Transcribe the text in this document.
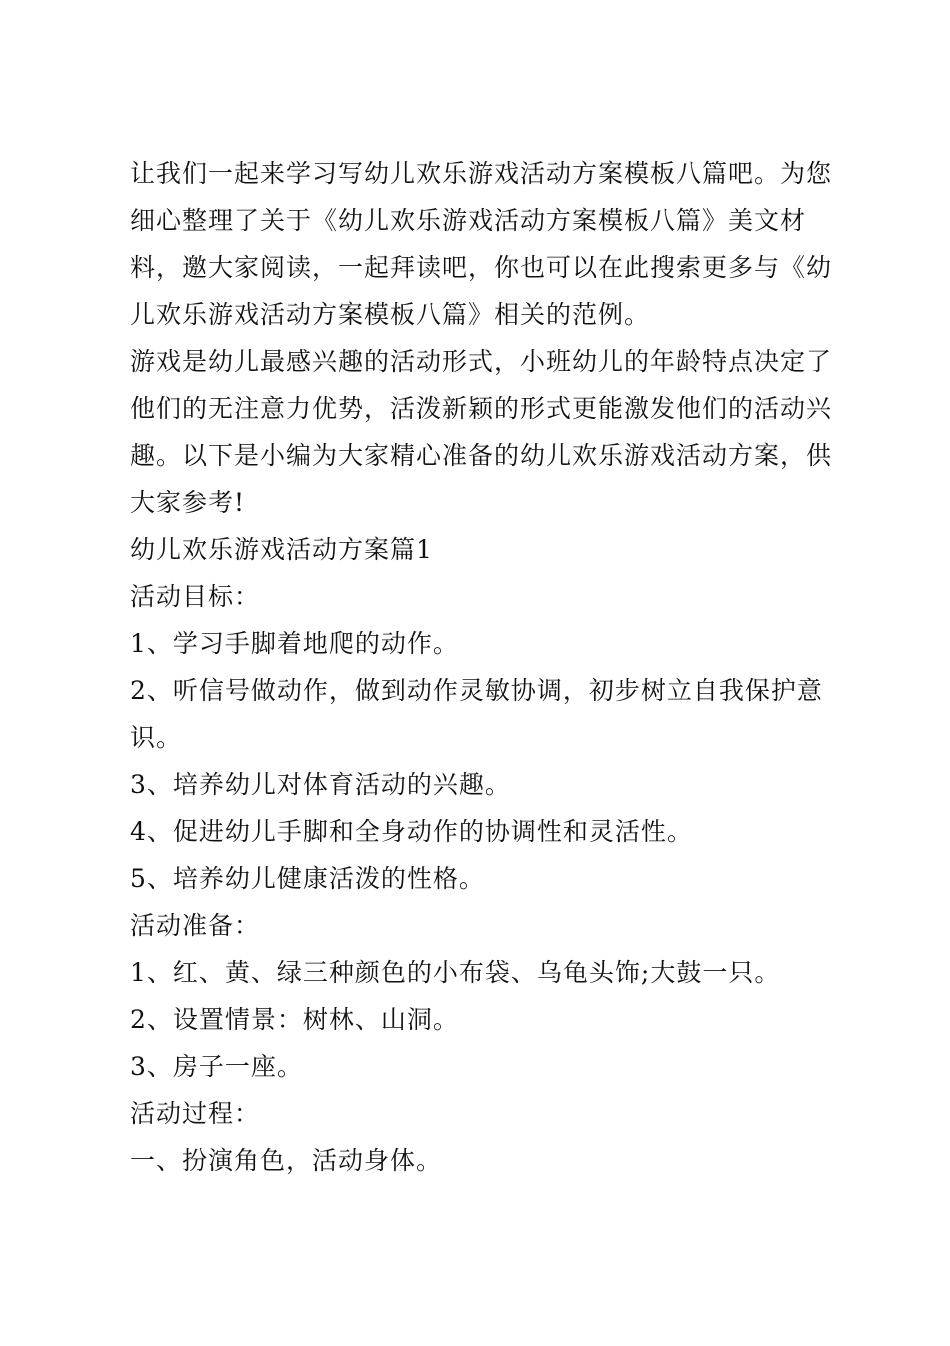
让我们一起来学习写幼儿欢乐游戏活动方案模板八篇吧。为您
细心整理了关于《幼儿欢乐游戏活动方案模板八篇》美文材
料，邀大家阅读，一起拜读吧，你也可以在此搜索更多与《幼
儿欢乐游戏活动方案模板八篇》相关的范例。
游戏是幼儿最感兴趣的活动形式，小班幼儿的年龄特点决定了
他们的无注意力优势，活泼新颖的形式更能激发他们的活动兴
趣。以下是小编为大家精心准备的幼儿欢乐游戏活动方案，供
大家参考!
幼儿欢乐游戏活动方案篇1
活动目标：
1、学习手脚着地爬的动作。
2、听信号做动作，做到动作灵敏协调，初步树立自我保护意
识。
3、培养幼儿对体育活动的兴趣。
4、促进幼儿手脚和全身动作的协调性和灵活性。
5、培养幼儿健康活泼的性格。
活动准备：
1、红、黄、绿三种颜色的小布袋、乌龟头饰;大鼓一只。
2、设置情景：树林、山洞。
3、房子一座。
活动过程：
一、扮演角色，活动身体。
